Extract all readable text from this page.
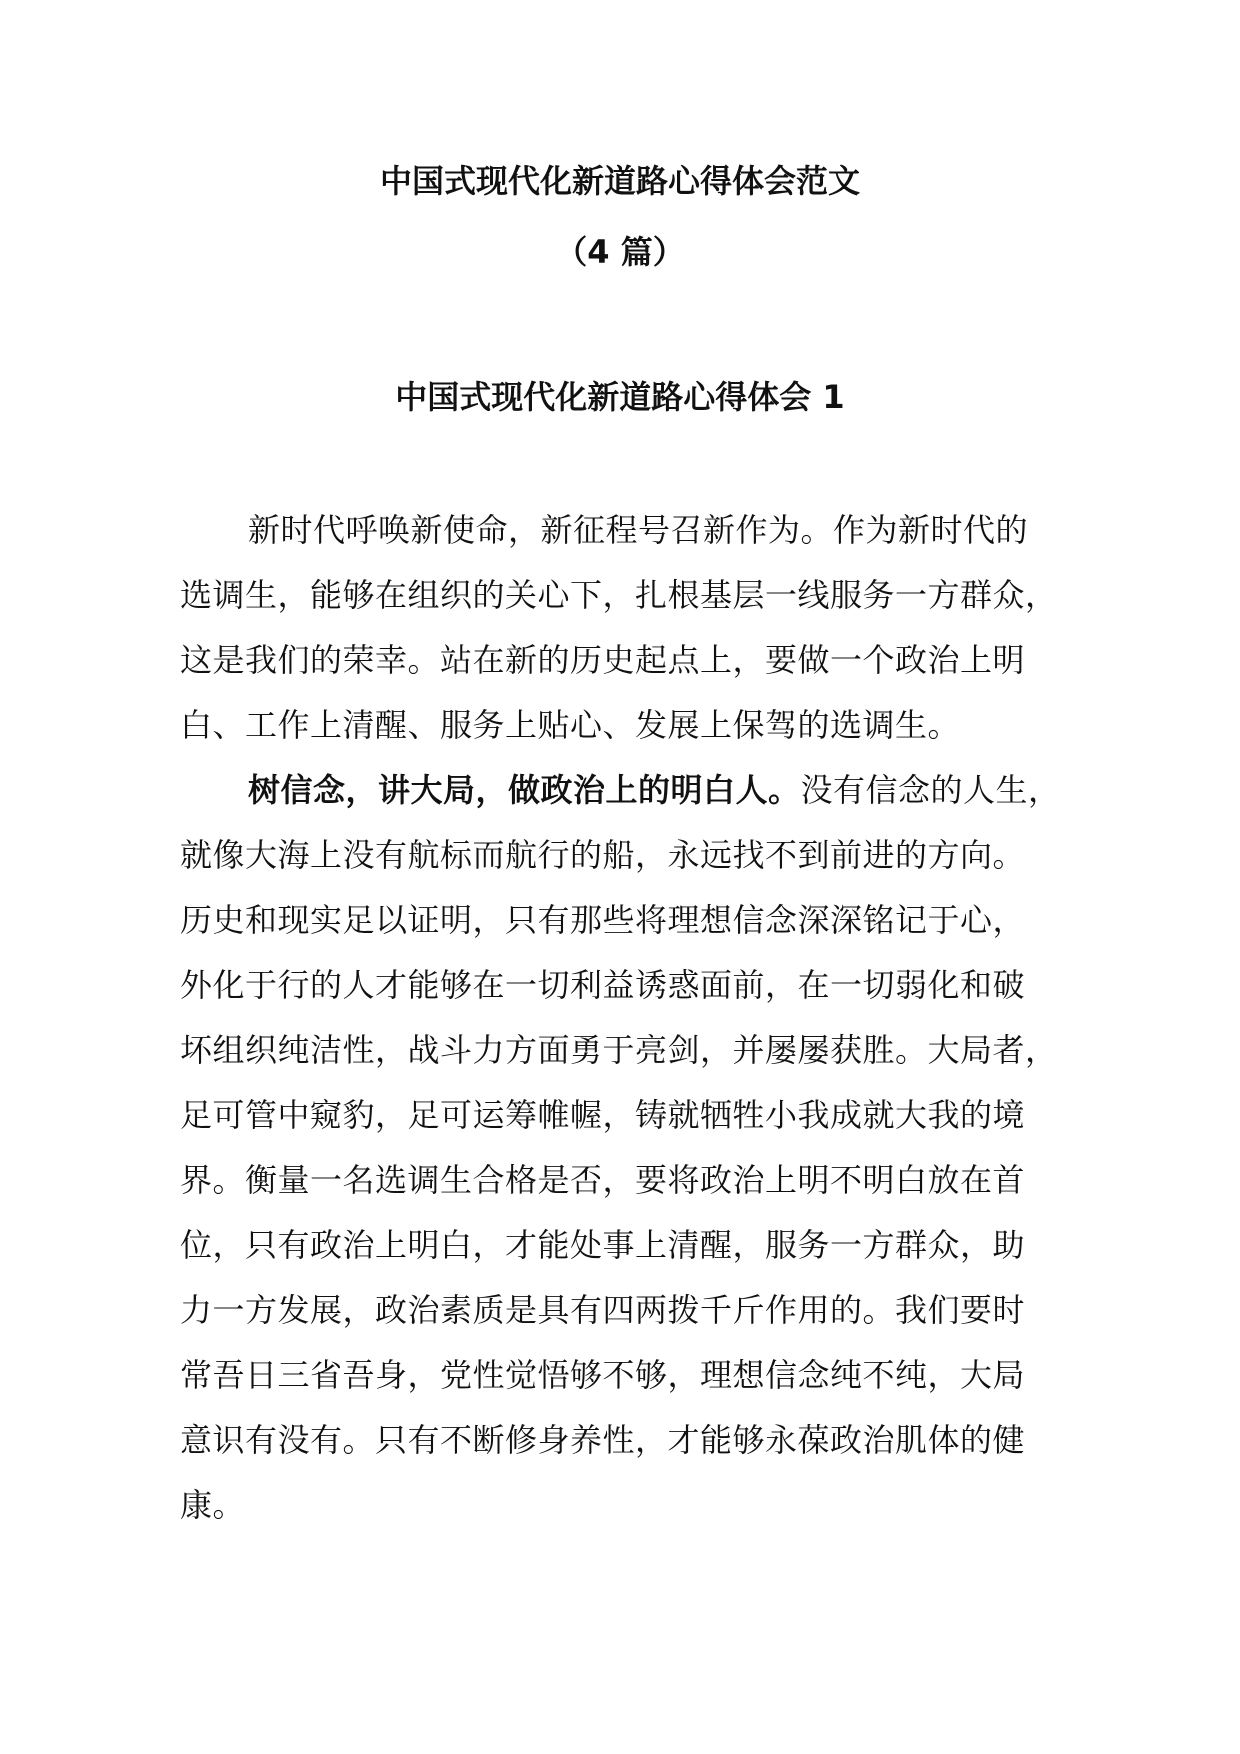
中国式现代化新道路心得体会范文
（4 篇）
中国式现代化新道路心得体会 1
新时代呼唤新使命，新征程号召新作为。作为新时代的
选调生，能够在组织的关心下，扎根基层一线服务一方群众，
这是我们的荣幸。站在新的历史起点上，要做一个政治上明
白、工作上清醒、服务上贴心、发展上保驾的选调生。
树信念，讲大局，做政治上的明白人。没有信念的人生，
就像大海上没有航标而航行的船，永远找不到前进的方向。
历史和现实足以证明，只有那些将理想信念深深铭记于心，
外化于行的人才能够在一切利益诱惑面前，在一切弱化和破
坏组织纯洁性，战斗力方面勇于亮剑，并屡屡获胜。大局者，
足可管中窥豹，足可运筹帷幄，铸就牺牲小我成就大我的境
界。衡量一名选调生合格是否，要将政治上明不明白放在首
位，只有政治上明白，才能处事上清醒，服务一方群众，助
力一方发展，政治素质是具有四两拨千斤作用的。我们要时
常吾日三省吾身，党性觉悟够不够，理想信念纯不纯，大局
意识有没有。只有不断修身养性，才能够永葆政治肌体的健
康。
